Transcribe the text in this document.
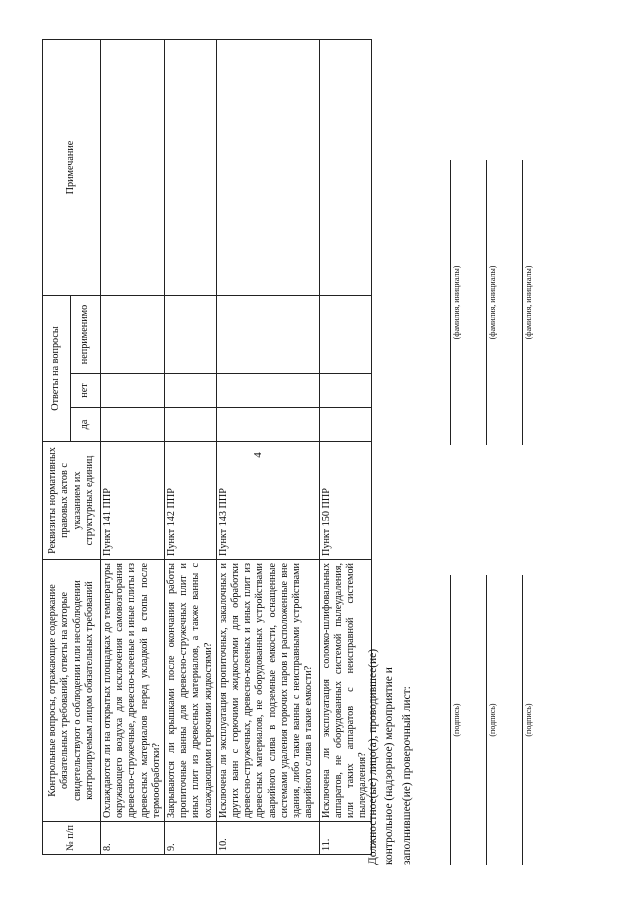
4
№ п/п	Контрольные вопросы, отражающие содержание обязательных требований, ответы на которые свидетельствуют о соблюдении или несоблюдении контролируемым лицом обязательных требований	Реквизиты нормативных правовых актов с указанием их структурных единиц	Ответы на вопросы			Примечание
			да	нет	неприменимо	
8.	Охлаждаются ли на открытых площадках до температуры окружающего воздуха для исключения самовозгорания древесно-стружечные, древесно-клееные и иные плиты из древесных материалов перед укладкой в стопы после термообработки?	Пункт 141 ППР				
9.	Закрываются ли крышками после окончания работы пропиточные ванны для древесно-стружечных плит и иных плит из древесных материалов, а также ванны с охлаждающими горючими жидкостями?	Пункт 142 ППР				
10.	Исключена ли эксплуатация пропиточных, закалочных и других ванн с горючими жидкостями для обработки древесно-стружечных, древесно-клееных и иных плит из древесных материалов, не оборудованных устройствами аварийного слива в подземные емкости, оснащенные системами удаления горючих паров и расположенные вне здания, либо такие ванны с неисправными устройствами аварийного слива в такие емкости?	Пункт 143 ППР				
11.	Исключена ли эксплуатация соломко-шлифовальных аппаратов, не оборудованных системой пылеудаления, или таких аппаратов с неисправной системой пылеудаления?	Пункт 150 ППР				
Должностное(ые) лицо(а), проводившее(ие) контрольное (надзорное) мероприятие и заполнившее(ие) проверочный лист:	(подпись)
(фамилия, инициалы)
(подпись)
(фамилия, инициалы)
(подпись)
(фамилия, инициалы)
